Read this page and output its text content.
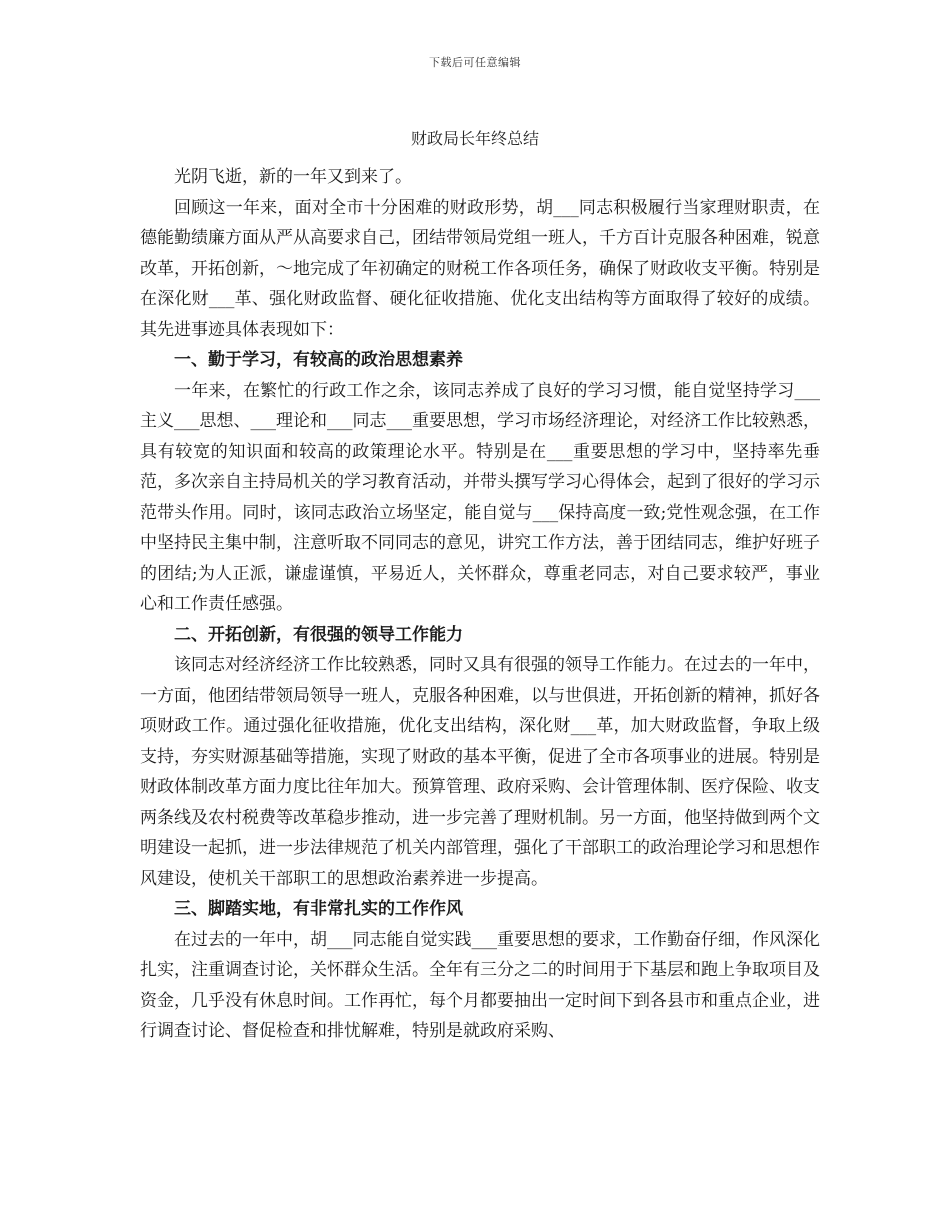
下载后可任意编辑
财政局长年终总结

光阴飞逝，新的一年又到来了。

回顾这一年来，面对全市十分困难的财政形势，胡___同志积极履行当家理财职责，在德能勤绩廉方面从严从高要求自己，团结带领局党组一班人，千方百计克服各种困难，锐意改革，开拓创新，～地完成了年初确定的财税工作各项任务，确保了财政收支平衡。特别是在深化财___革、强化财政监督、硬化征收措施、优化支出结构等方面取得了较好的成绩。其先进事迹具体表现如下：

一、勤于学习，有较高的政治思想素养

一年来，在繁忙的行政工作之余，该同志养成了良好的学习习惯，能自觉坚持学习___主义___思想、___理论和___同志___重要思想，学习市场经济理论，对经济工作比较熟悉，具有较宽的知识面和较高的政策理论水平。特别是在___重要思想的学习中，坚持率先垂范，多次亲自主持局机关的学习教育活动，并带头撰写学习心得体会，起到了很好的学习示范带头作用。同时，该同志政治立场坚定，能自觉与___保持高度一致;党性观念强，在工作中坚持民主集中制，注意听取不同同志的意见，讲究工作方法，善于团结同志，维护好班子的团结;为人正派，谦虚谨慎，平易近人，关怀群众，尊重老同志，对自己要求较严，事业心和工作责任感强。

二、开拓创新，有很强的领导工作能力

该同志对经济经济工作比较熟悉，同时又具有很强的领导工作能力。在过去的一年中，一方面，他团结带领局领导一班人，克服各种困难，以与世俱进，开拓创新的精神，抓好各项财政工作。通过强化征收措施，优化支出结构，深化财___革，加大财政监督，争取上级支持，夯实财源基础等措施，实现了财政的基本平衡，促进了全市各项事业的进展。特别是财政体制改革方面力度比往年加大。预算管理、政府采购、会计管理体制、医疗保险、收支两条线及农村税费等改革稳步推动，进一步完善了理财机制。另一方面，他坚持做到两个文明建设一起抓，进一步法律规范了机关内部管理，强化了干部职工的政治理论学习和思想作风建设，使机关干部职工的思想政治素养进一步提高。

三、脚踏实地，有非常扎实的工作作风

在过去的一年中，胡___同志能自觉实践___重要思想的要求，工作勤奋仔细，作风深化扎实，注重调查讨论，关怀群众生活。全年有三分之二的时间用于下基层和跑上争取项目及资金，几乎没有休息时间。工作再忙，每个月都要抽出一定时间下到各县市和重点企业，进行调查讨论、督促检查和排忧解难，特别是就政府采购、
